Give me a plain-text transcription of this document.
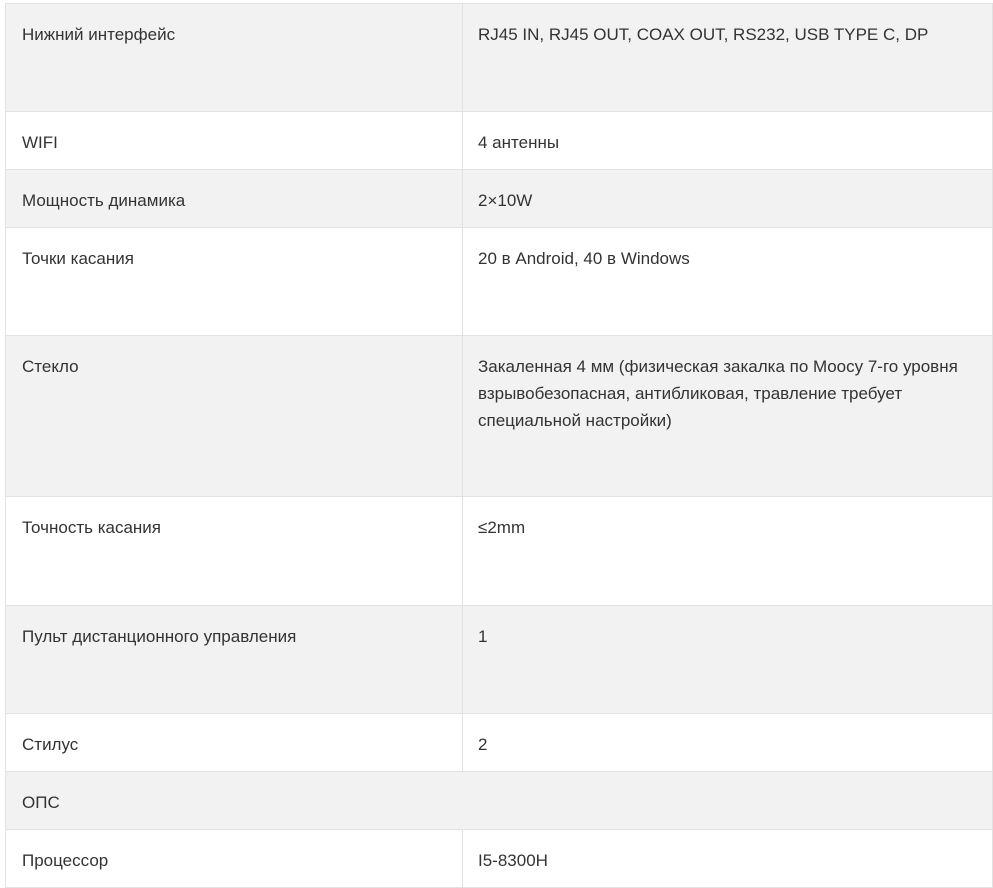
Нижний интерфейс	RJ45 IN, RJ45 OUT, COAX OUT, RS232, USB TYPE C, DP
WIFI	4 антенны
Мощность динамика	2×10W
Точки касания	20 в Android, 40 в Windows
Стекло	Закаленная 4 мм (физическая закалка по Moocy 7-го уровня взрывобезопасная, антибликовая, травление требует специальной настройки)
Точность касания	≤2mm
Пульт дистанционного управления	1
Стилус	2
ОПС	
Процессор	I5-8300H
